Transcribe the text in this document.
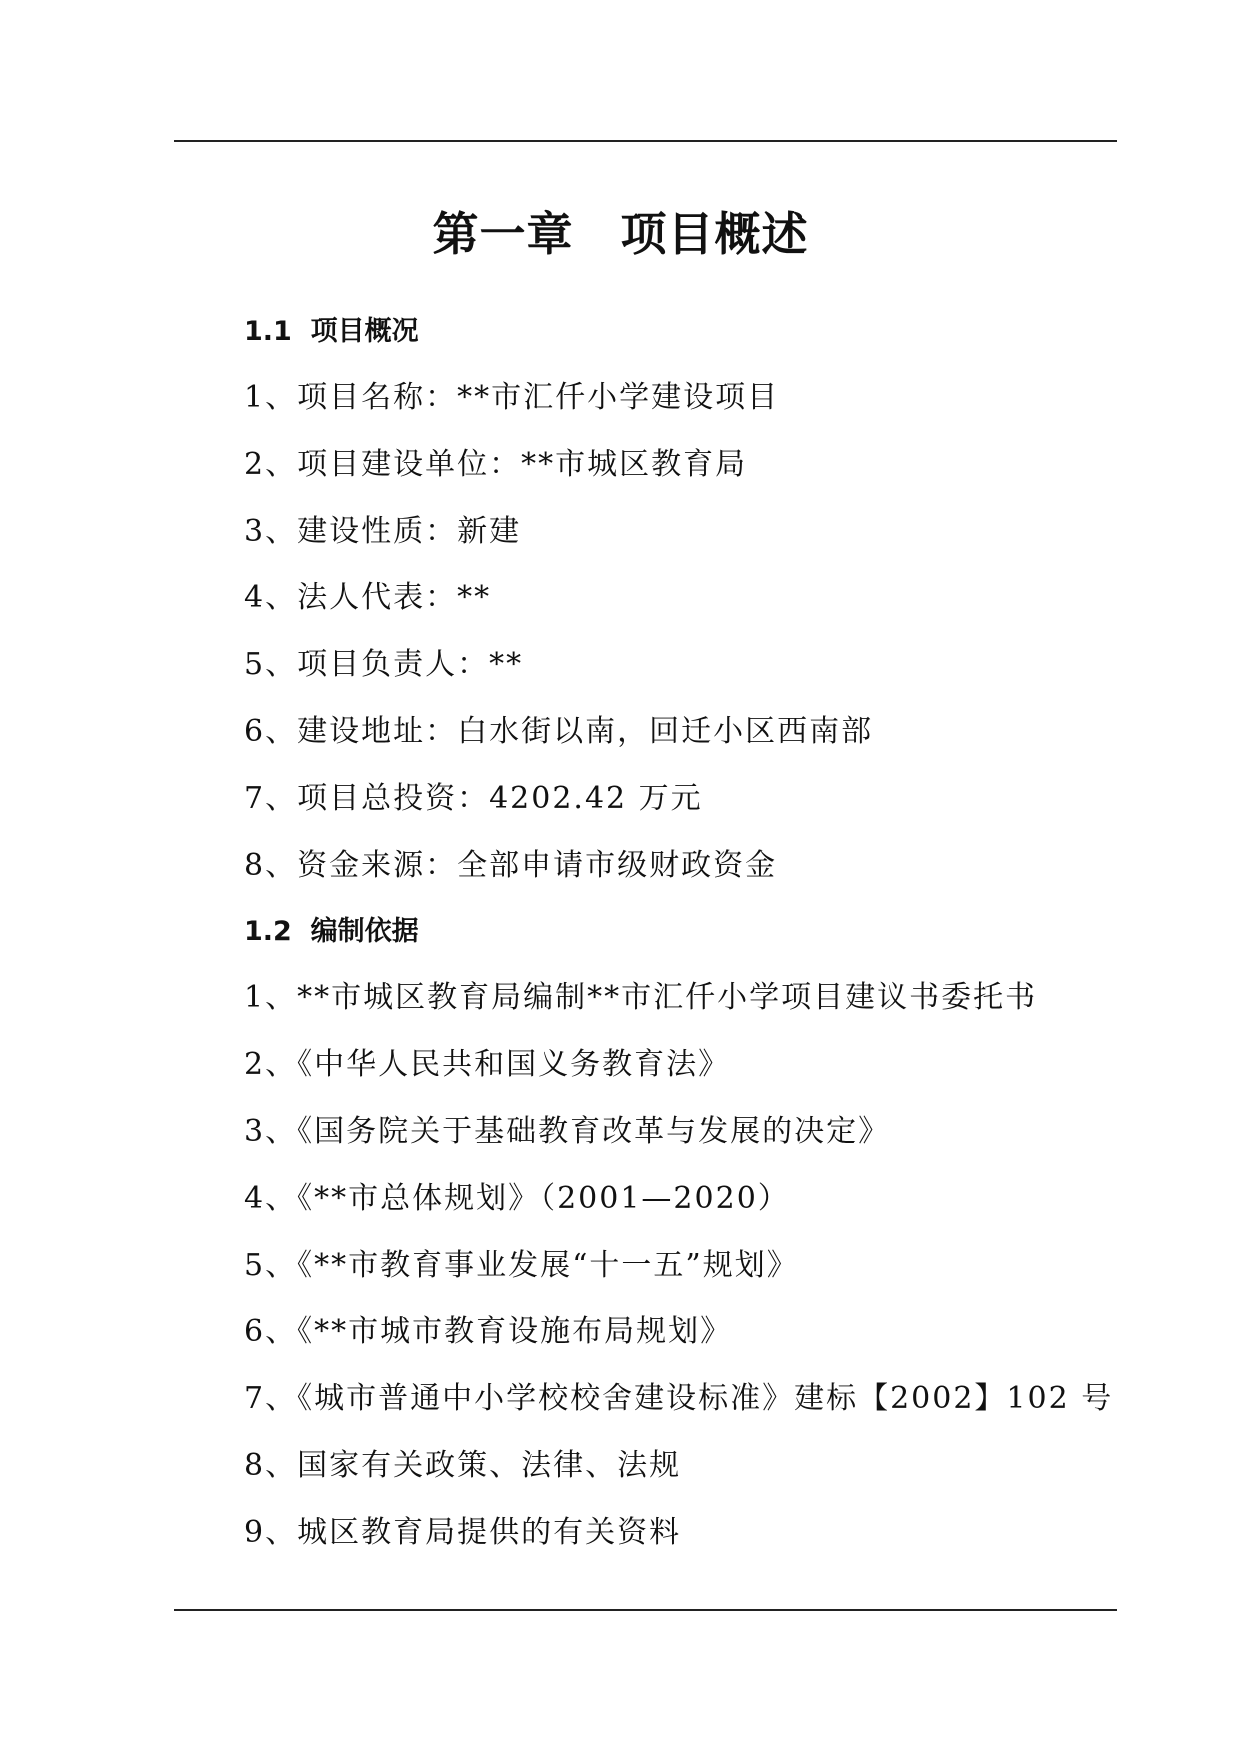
第一章　项目概述
1.1  项目概况
1、项目名称：**市汇仟小学建设项目
2、项目建设单位：**市城区教育局
3、建设性质：新建
4、法人代表：**
5、项目负责人：**
6、建设地址：白水街以南，回迁小区西南部
7、项目总投资：4202.42 万元
8、资金来源：全部申请市级财政资金
1.2  编制依据
1、**市城区教育局编制**市汇仟小学项目建议书委托书
2、《中华人民共和国义务教育法》
3、《国务院关于基础教育改革与发展的决定》
4、《**市总体规划》（2001—2020）
5、《**市教育事业发展“十一五”规划》
6、《**市城市教育设施布局规划》
7、《城市普通中小学校校舍建设标准》建标【2002】102 号
8、国家有关政策、法律、法规
9、城区教育局提供的有关资料
